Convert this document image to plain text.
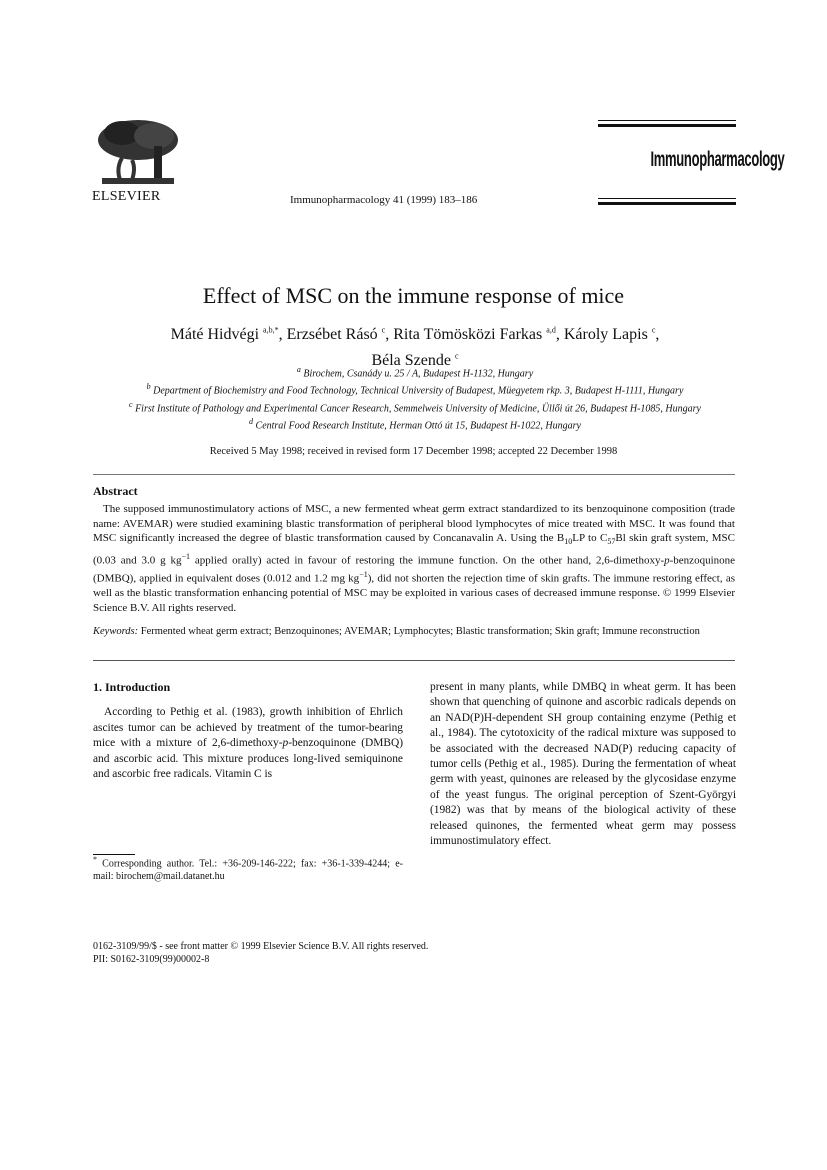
ELSEVIER	Immunopharmacology 41 (1999) 183–186
Immunopharmacology
Effect of MSC on the immune response of mice
Máté Hidvégi $^{a,b,*}$, Erzsébet Rásó $^c$, Rita Tömösközi Farkas $^{a,d}$, Károly Lapis $^c$,
Béla Szende $^c$
$^a$ Birochem, Csanády u. 25 / A, Budapest H-1132, Hungary
$^b$ Department of Biochemistry and Food Technology, Technical University of Budapest, Müegyetem rkp. 3, Budapest H-1111, Hungary
$^c$ First Institute of Pathology and Experimental Cancer Research, Semmelweis University of Medicine, Üllői út 26, Budapest H-1085, Hungary
$^d$ Central Food Research Institute, Herman Ottó út 15, Budapest H-1022, Hungary
Received 5 May 1998; received in revised form 17 December 1998; accepted 22 December 1998
Abstract
The supposed immunostimulatory actions of MSC, a new fermented wheat germ extract standardized to its benzoquinone composition (trade name: AVEMAR) were studied examining blastic transformation of peripheral blood lymphocytes of mice treated with MSC. It was found that MSC significantly increased the degree of blastic transformation caused by Concanavalin A. Using the $B_{10}LP$ to $C_{57}Bl$ skin graft system, MSC (0.03 and 3.0 g $kg^{-1}$ applied orally) acted in favour of restoring the immune function. On the other hand, 2,6-dimethoxy-p-benzoquinone (DMBQ), applied in equivalent doses (0.012 and 1.2 mg $kg^{-1}$), did not shorten the rejection time of skin grafts. The immune restoring effect, as well as the blastic transformation enhancing potential of MSC may be exploited in various cases of decreased immune response. © 1999 Elsevier Science B.V. All rights reserved.
Keywords: Fermented wheat germ extract; Benzoquinones; AVEMAR; Lymphocytes; Blastic transformation; Skin graft; Immune reconstruction
1. Introduction

According to Pethig et al. (1983), growth inhibition of Ehrlich ascites tumor can be achieved by treatment of the tumor-bearing mice with a mixture of 2,6-dimethoxy-p-benzoquinone (DMBQ) and ascorbic acid. This mixture produces long-lived semiquinone and ascorbic free radicals. Vitamin C is

present in many plants, while DMBQ in wheat germ. It has been shown that quenching of quinone and ascorbic radicals depends on an NAD(P)H-dependent SH group containing enzyme (Pethig et al., 1984). The cytotoxicity of the radical mixture was supposed to be associated with the decreased NAD(P) reducing capacity of tumor cells (Pethig et al., 1985). During the fermentation of wheat germ with yeast, quinones are released by the glycosidase enzyme of the yeast fungus. The original perception of Szent-Györgyi (1982) was that by means of the biological activity of these released quinones, the fermented wheat germ may possess immunostimulatory effect.

* Corresponding author. Tel.: +36-209-146-222; fax: +36-1-339-4244; e-mail: birochem@mail.datanet.hu
0162-3109/99/$ - see front matter © 1999 Elsevier Science B.V. All rights reserved.
PII: S0162-3109(99)00002-8
